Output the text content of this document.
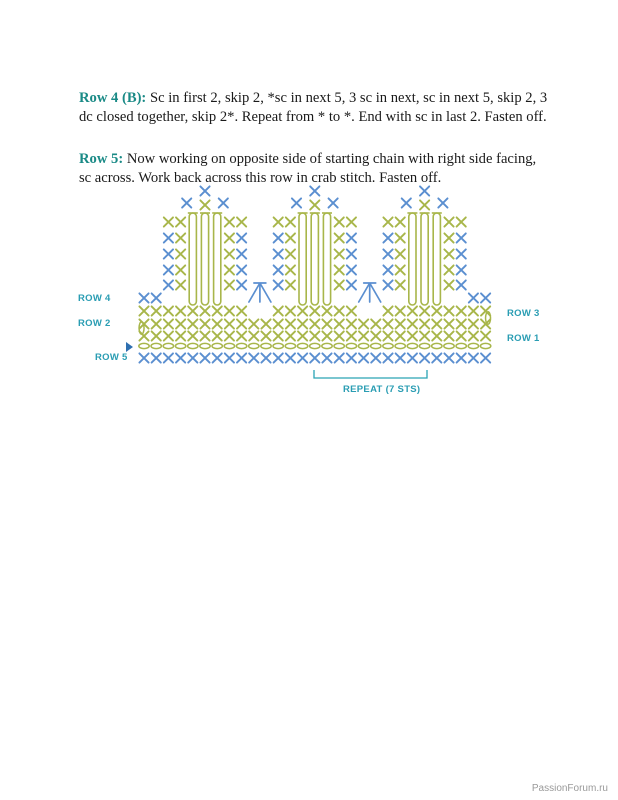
Row 4 (B): Sc in first 2, skip 2, *sc in next 5, 3 sc in next, sc in next 5, skip 2, 3 dc closed together, skip 2*. Repeat from * to *. End with sc in last 2. Fasten off.

Row 5: Now working on opposite side of starting chain with right side facing, sc across. Work back across this row in crab stitch. Fasten off.

ROW 4
ROW 2
ROW 5
ROW 3
ROW 1
REPEAT (7 STS)
PassionForum.ru
